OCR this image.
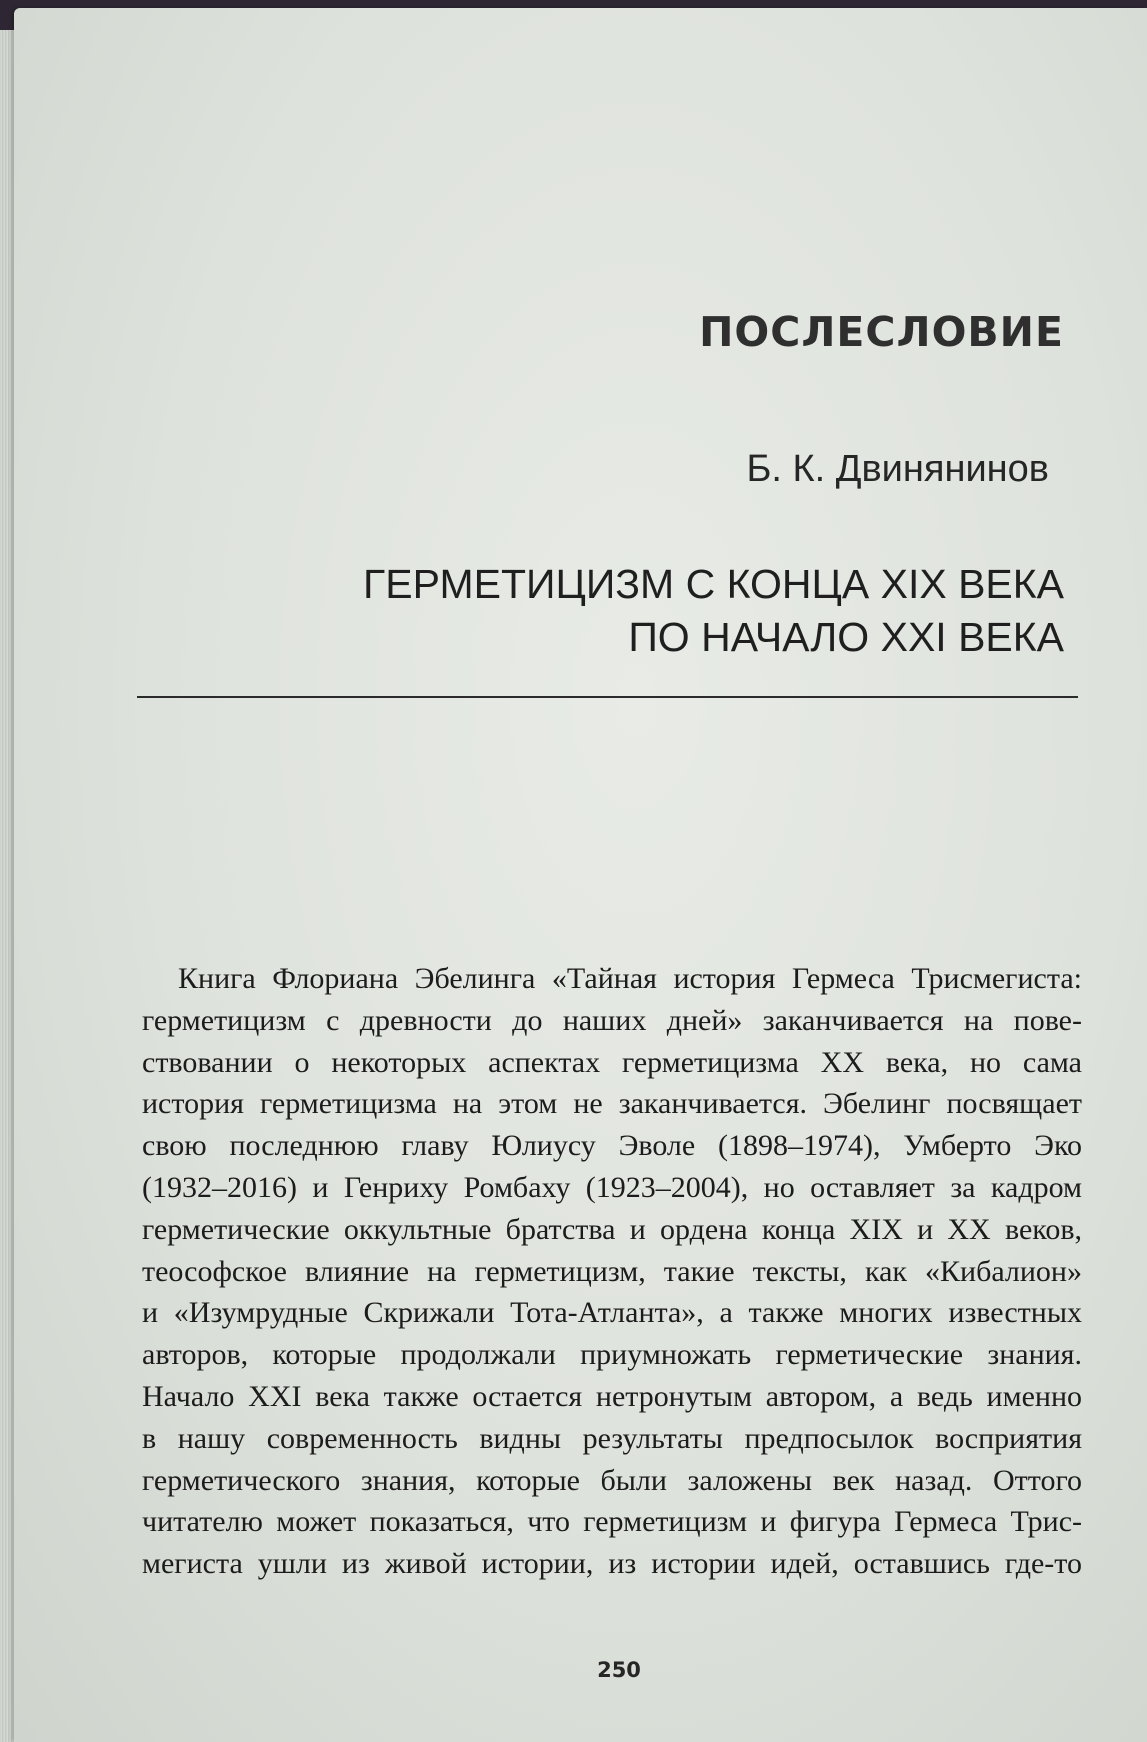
ПОСЛЕСЛОВИЕ
Б. К. Двинянинов
ГЕРМЕТИЦИЗМ С КОНЦА XIX ВЕКА
ПО НАЧАЛО XXI ВЕКА
Книга Флориана Эбелинга «Тайная история Гермеса Трисмегиста:
герметицизм с древности до наших дней» заканчивается на пове-
ствовании о некоторых аспектах герметицизма XX века, но сама
история герметицизма на этом не заканчивается. Эбелинг посвящает
свою последнюю главу Юлиусу Эволе (1898–1974), Умберто Эко
(1932–2016) и Генриху Ромбаху (1923–2004), но оставляет за кадром
герметические оккультные братства и ордена конца XIX и XX веков,
теософское влияние на герметицизм, такие тексты, как «Кибалион»
и «Изумрудные Скрижали Тота-Атланта», а также многих известных
авторов, которые продолжали приумножать герметические знания.
Начало XXI века также остается нетронутым автором, а ведь именно
в нашу современность видны результаты предпосылок восприятия
герметического знания, которые были заложены век назад. Оттого
читателю может показаться, что герметицизм и фигура Гермеса Трис-
мегиста ушли из живой истории, из истории идей, оставшись где-то
250
